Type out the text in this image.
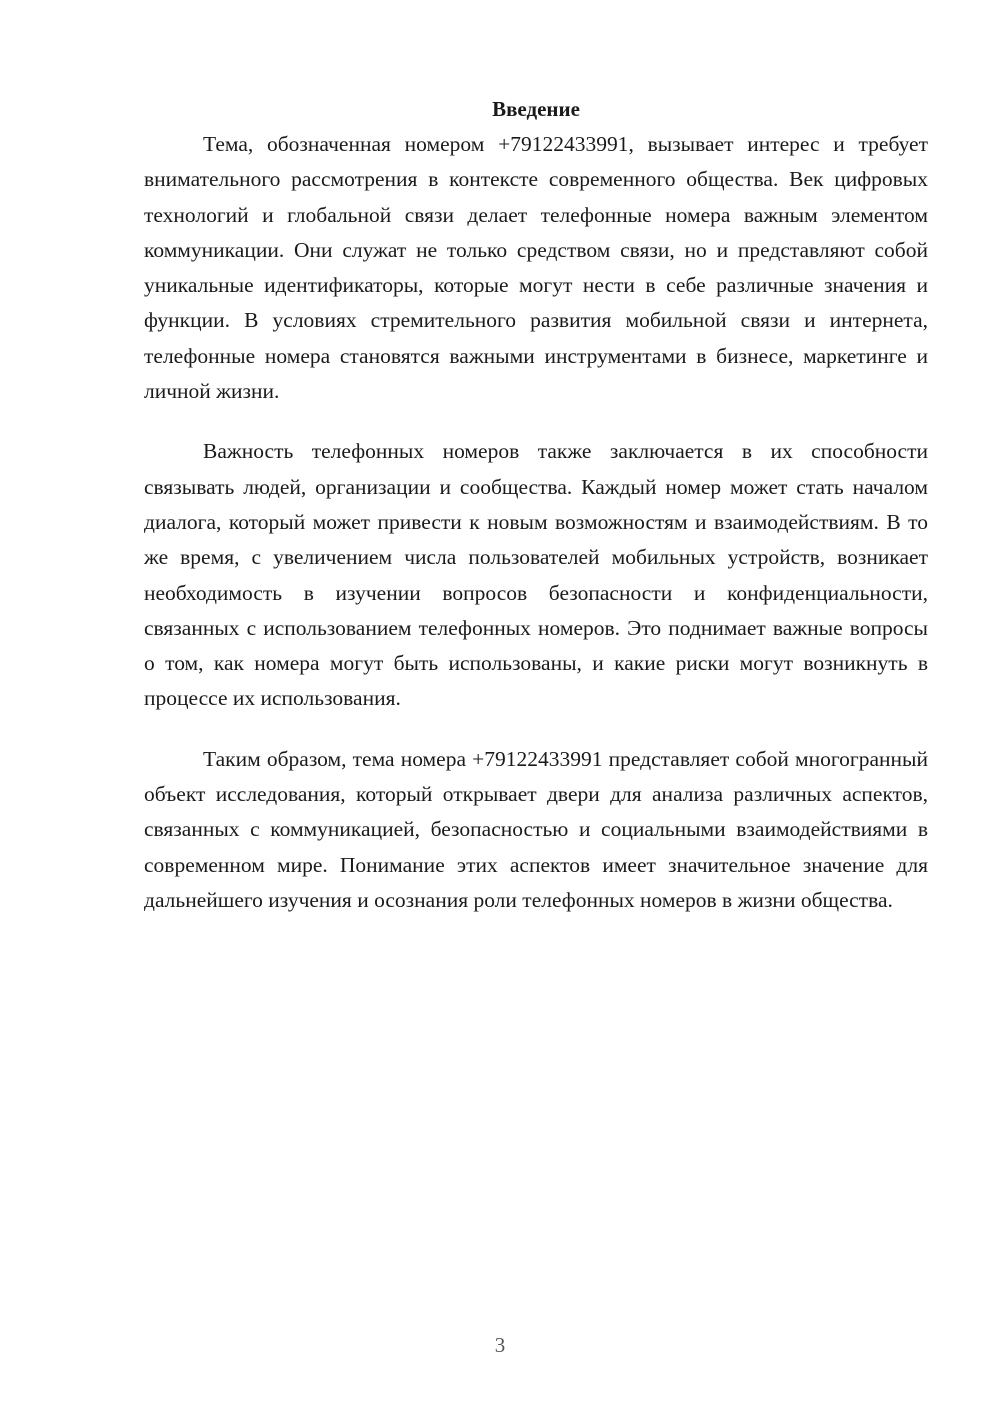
Введение

Тема, обозначенная номером +79122433991, вызывает интерес и требует внимательного рассмотрения в контексте современного общества. Век цифровых технологий и глобальной связи делает телефонные номера важным элементом коммуникации. Они служат не только средством связи, но и представляют собой уникальные идентификаторы, которые могут нести в себе различные значения и функции. В условиях стремительного развития мобильной связи и интернета, телефонные номера становятся важными инструментами в бизнесе, маркетинге и личной жизни.

Важность телефонных номеров также заключается в их способности связывать людей, организации и сообщества. Каждый номер может стать началом диалога, который может привести к новым возможностям и взаимодействиям. В то же время, с увеличением числа пользователей мобильных устройств, возникает необходимость в изучении вопросов безопасности и конфиденциальности, связанных с использованием телефонных номеров. Это поднимает важные вопросы о том, как номера могут быть использованы, и какие риски могут возникнуть в процессе их использования.

Таким образом, тема номера +79122433991 представляет собой многогранный объект исследования, который открывает двери для анализа различных аспектов, связанных с коммуникацией, безопасностью и социальными взаимодействиями в современном мире. Понимание этих аспектов имеет значительное значение для дальнейшего изучения и осознания роли телефонных номеров в жизни общества.

3
